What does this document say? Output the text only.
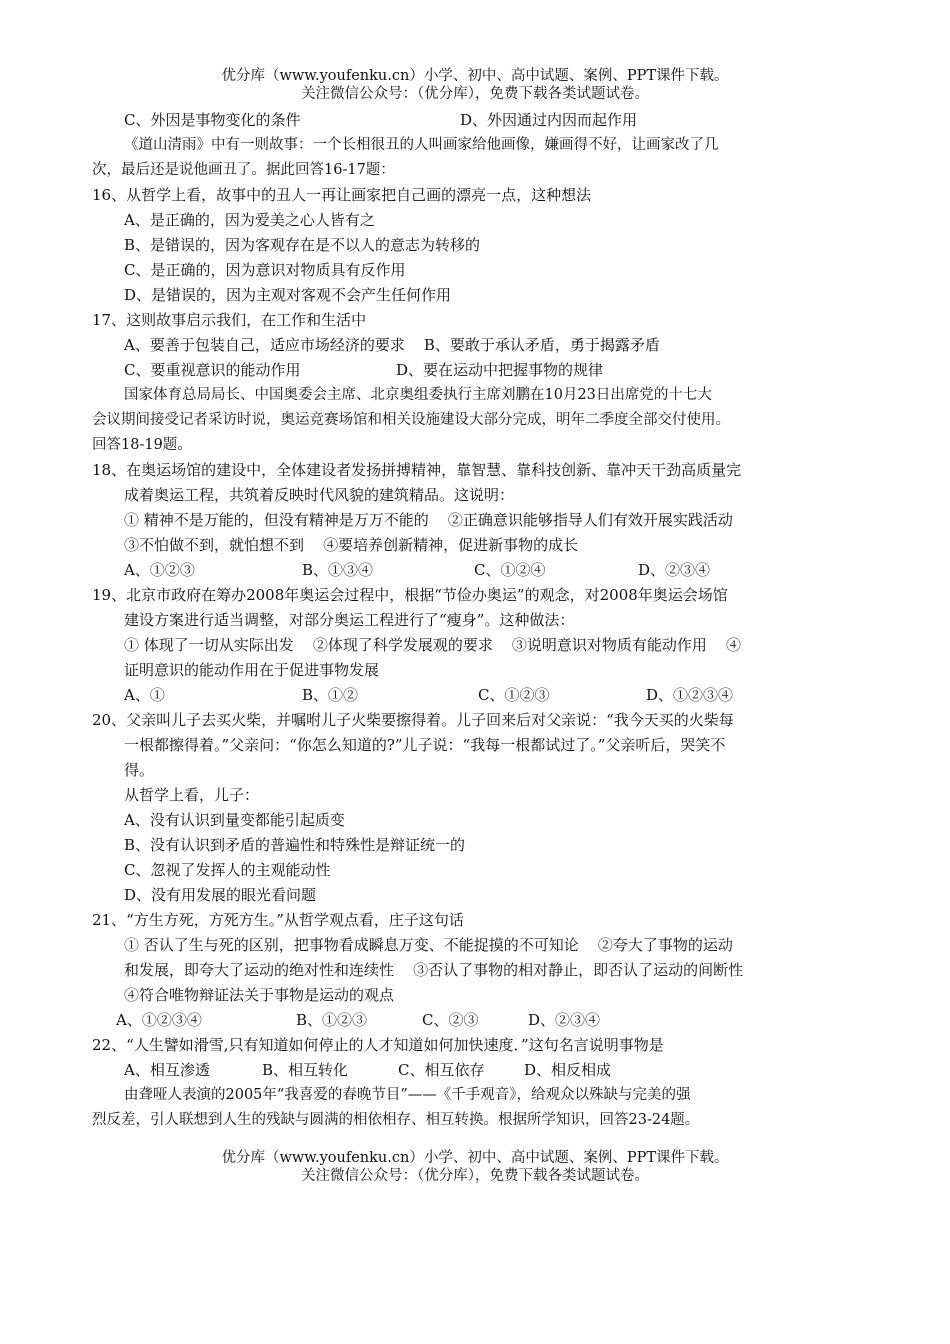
优分库（www.youfenku.cn）小学、初中、高中试题、案例、PPT课件下载。
关注微信公众号：（优分库），免费下载各类试题试卷。
C、外因是事物变化的条件	D、外因通过内因而起作用
《道山清雨》中有一则故事：一个长相很丑的人叫画家给他画像，嫌画得不好，让画家改了几
次，最后还是说他画丑了。据此回答16-17题：
16、从哲学上看，故事中的丑人一再让画家把自己画的漂亮一点，这种想法
A、是正确的，因为爱美之心人皆有之
B、是错误的，因为客观存在是不以人的意志为转移的
C、是正确的，因为意识对物质具有反作用
D、是错误的，因为主观对客观不会产生任何作用
17、这则故事启示我们，在工作和生活中
A、要善于包装自己，适应市场经济的要求    B、要敢于承认矛盾，勇于揭露矛盾
C、要重视意识的能动作用	D、要在运动中把握事物的规律
国家体育总局局长、中国奥委会主席、北京奥组委执行主席刘鹏在10月23日出席党的十七大
会议期间接受记者采访时说，奥运竞赛场馆和相关设施建设大部分完成，明年二季度全部交付使用。
回答18-19题。
18、在奥运场馆的建设中，全体建设者发扬拼搏精神，靠智慧、靠科技创新、靠冲天干劲高质量完
成着奥运工程，共筑着反映时代风貌的建筑精品。这说明：
① 精神不是万能的，但没有精神是万万不能的    ②正确意识能够指导人们有效开展实践活动
③不怕做不到，就怕想不到    ④要培养创新精神，促进新事物的成长
A、①②③	B、①③④	C、①②④	D、②③④
19、北京市政府在筹办2008年奥运会过程中，根据“节俭办奥运”的观念，对2008年奥运会场馆
建设方案进行适当调整，对部分奥运工程进行了“瘦身”。这种做法：
① 体现了一切从实际出发    ②体现了科学发展观的要求    ③说明意识对物质有能动作用    ④
证明意识的能动作用在于促进事物发展
A、①	B、①②	C、①②③	D、①②③④
20、父亲叫儿子去买火柴，并嘱咐儿子火柴要擦得着。儿子回来后对父亲说：“我今天买的火柴每
一根都擦得着。”父亲问：“你怎么知道的?”儿子说：“我每一根都试过了。”父亲听后，哭笑不
得。
从哲学上看，儿子：
A、没有认识到量变都能引起质变
B、没有认识到矛盾的普遍性和特殊性是辩证统一的
C、忽视了发挥人的主观能动性
D、没有用发展的眼光看问题
21、“方生方死，方死方生。”从哲学观点看，庄子这句话
① 否认了生与死的区别，把事物看成瞬息万变、不能捉摸的不可知论    ②夸大了事物的运动
和发展，即夸大了运动的绝对性和连续性    ③否认了事物的相对静止，即否认了运动的间断性
④符合唯物辩证法关于事物是运动的观点
A、①②③④	B、①②③	C、②③	D、②③④
22、“人生譬如滑雪,只有知道如何停止的人才知道如何加快速度．”这句名言说明事物是
A、相互渗透	B、相互转化	C、相互依存	D、相反相成
由聋哑人表演的2005年“我喜爱的春晚节目”——《千手观音》，给观众以殊缺与完美的强
烈反差，引人联想到人生的残缺与圆满的相依相存、相互转换。根据所学知识，回答23-24题。
优分库（www.youfenku.cn）小学、初中、高中试题、案例、PPT课件下载。
关注微信公众号：（优分库），免费下载各类试题试卷。
